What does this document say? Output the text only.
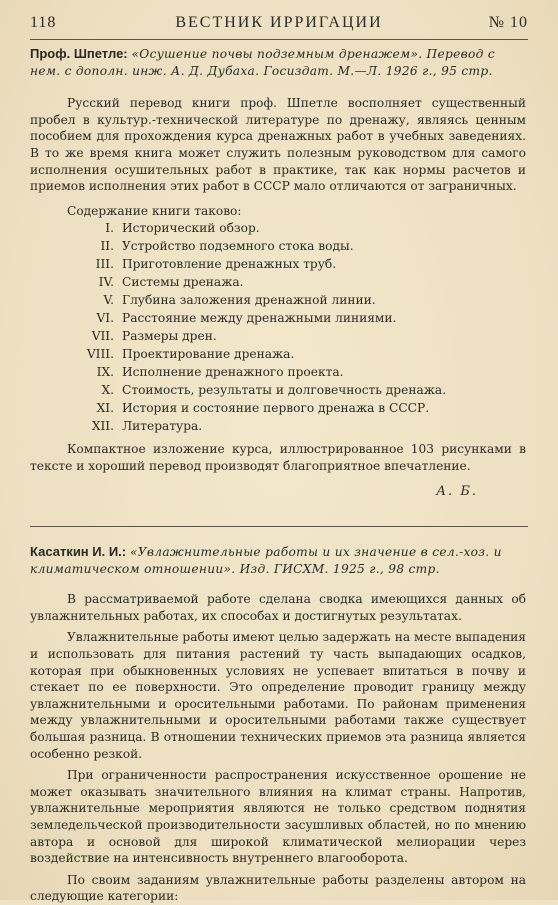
118	ВЕСТНИК ИРРИГАЦИИ	№ 10

Проф. Шпетле: «Осушение почвы подземным дренажем». Перевод с нем. с дополн. инж. А. Д. Дубаха. Госиздат. М.—Л. 1926 г., 95 стр.

Русский перевод книги проф. Шпетле восполняет существенный пробел в культур.-технической литературе по дренажу, являясь ценным пособием для прохождения курса дренажных работ в учебных заведениях. В то же время книга может служить полезным руководством для самого исполнения осушительных работ в практике, так как нормы расчетов и приемов исполнения этих работ в СССР мало отличаются от заграничных.

Содержание книги таково:

I. Исторический обзор.
II. Устройство подземного стока воды.
III. Приготовление дренажных труб.
IV. Системы дренажа.
V. Глубина заложения дренажной линии.
VI. Расстояние между дренажными линиями.
VII. Размеры дрен.
VIII. Проектирование дренажа.
IX. Исполнение дренажного проекта.
X. Стоимость, результаты и долговечность дренажа.
XI. История и состояние первого дренажа в СССР.
XII. Литература.

Компактное изложение курса, иллюстрированное 103 рисунками в тексте и хороший перевод производят благоприятное впечатление.

А. Б.

Касаткин И. И.: «Увлажнительные работы и их значение в сел.-хоз. и климатическом отношении». Изд. ГИСХМ. 1925 г., 98 стр.

В рассматриваемой работе сделана сводка имеющихся данных об увлажнительных работах, их способах и достигнутых результатах.

Увлажнительные работы имеют целью задержать на месте выпадения и использовать для питания растений ту часть выпадающих осадков, которая при обыкновенных условиях не успевает впитаться в почву и стекает по ее поверхности. Это определение проводит границу между увлажнительными и оросительными работами. По районам применения между увлажнительными и оросительными работами также существует большая разница. В отношении технических приемов эта разница является особенно резкой.

При ограниченности распространения искусственное орошение не может оказывать значительного влияния на климат страны. Напротив, увлажнительные мероприятия являются не только средством поднятия земледельческой производительности засушливых областей, но по мнению автора и основой для широкой климатической мелиорации через воздействие на интенсивность внутреннего влагооборота.

По своим заданиям увлажнительные работы разделены автором на следующие категории:
